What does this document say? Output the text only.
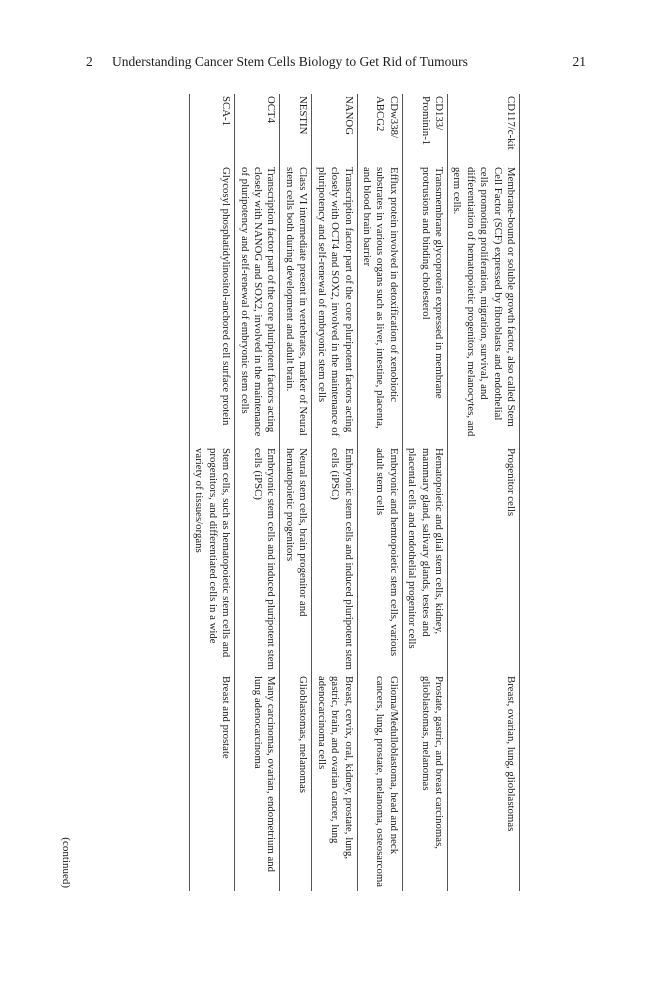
2 Understanding Cancer Stem Cells Biology to Get Rid of Tumours	21
CD117/c-kit	Membrane-bound or soluble growth factor, also called Stem Cell Factor (SCF) expressed by fibroblasts and endothelial cells promoting proliferation, migration, survival, and differentiation of hematopoietic progenitors, melanocytes, and germ cells.	Progenitor cells	Breast, ovarian, lung, glioblastomas
CD133/ Prominin-1	Transmembrane glycoprotein expressed in membrane protrusions and binding cholesterol	Hematopoietic and glial stem cells, kidney, mammary gland, salivary glands, testes and placental cells and endothelial progenitor cells	Prostate, gastric, and breast carcinomas, glioblastomas, melanomas
CDw338/ ABCG2	Efflux protein involved in detoxification of xenobiotic substrates in various organs such as liver, intestine, placenta, and blood brain barrier	Embryonic and hemtopoietic stem cells, various adult stem cells	Glioma/Medulloblastoma, head and neck cancers, lung, prostate, melanoma, osteosarcoma
NANOG	Transcription factor part of the core pluripotent factors acting closely with OCT4 and SOX2, involved in the maintenance of pluripotency and self-renewal of embryonic stem cells	Embryonic stem cells and induced pluripotent stem cells (iPSC)	Breast, cervix, oral, kidney, prostate, lung, gastric, brain, and ovarian cancer, lung adenocarcinoma cells
NESTIN	Class VI intermediate present in vertebrates, marker of Neural stem cells both during development and adult brain.	Neural stem cells, brain progenitor and hematopoietic progenitors	Glioblastomas, melanomas
OCT4	Transcription factor part of the core pluripotent factors acting closely with NANOG and SOX2, involved in the maintenance of pluripotency and self-renewal of embryonic stem cells	Embryonic stem cells and induced pluripotent stem cells (iPSC)	Many carcinomas, ovarian, endometrium and lung adenocarcinoma
SCA-1	Glycosyl phosphatidylinositol-anchored cell surface protein	Stem cells, such as hematopoietic stem cells and progenitors, and differentiated cells in a wide variety of tissues/organs	Breast and prostate
(continued)
